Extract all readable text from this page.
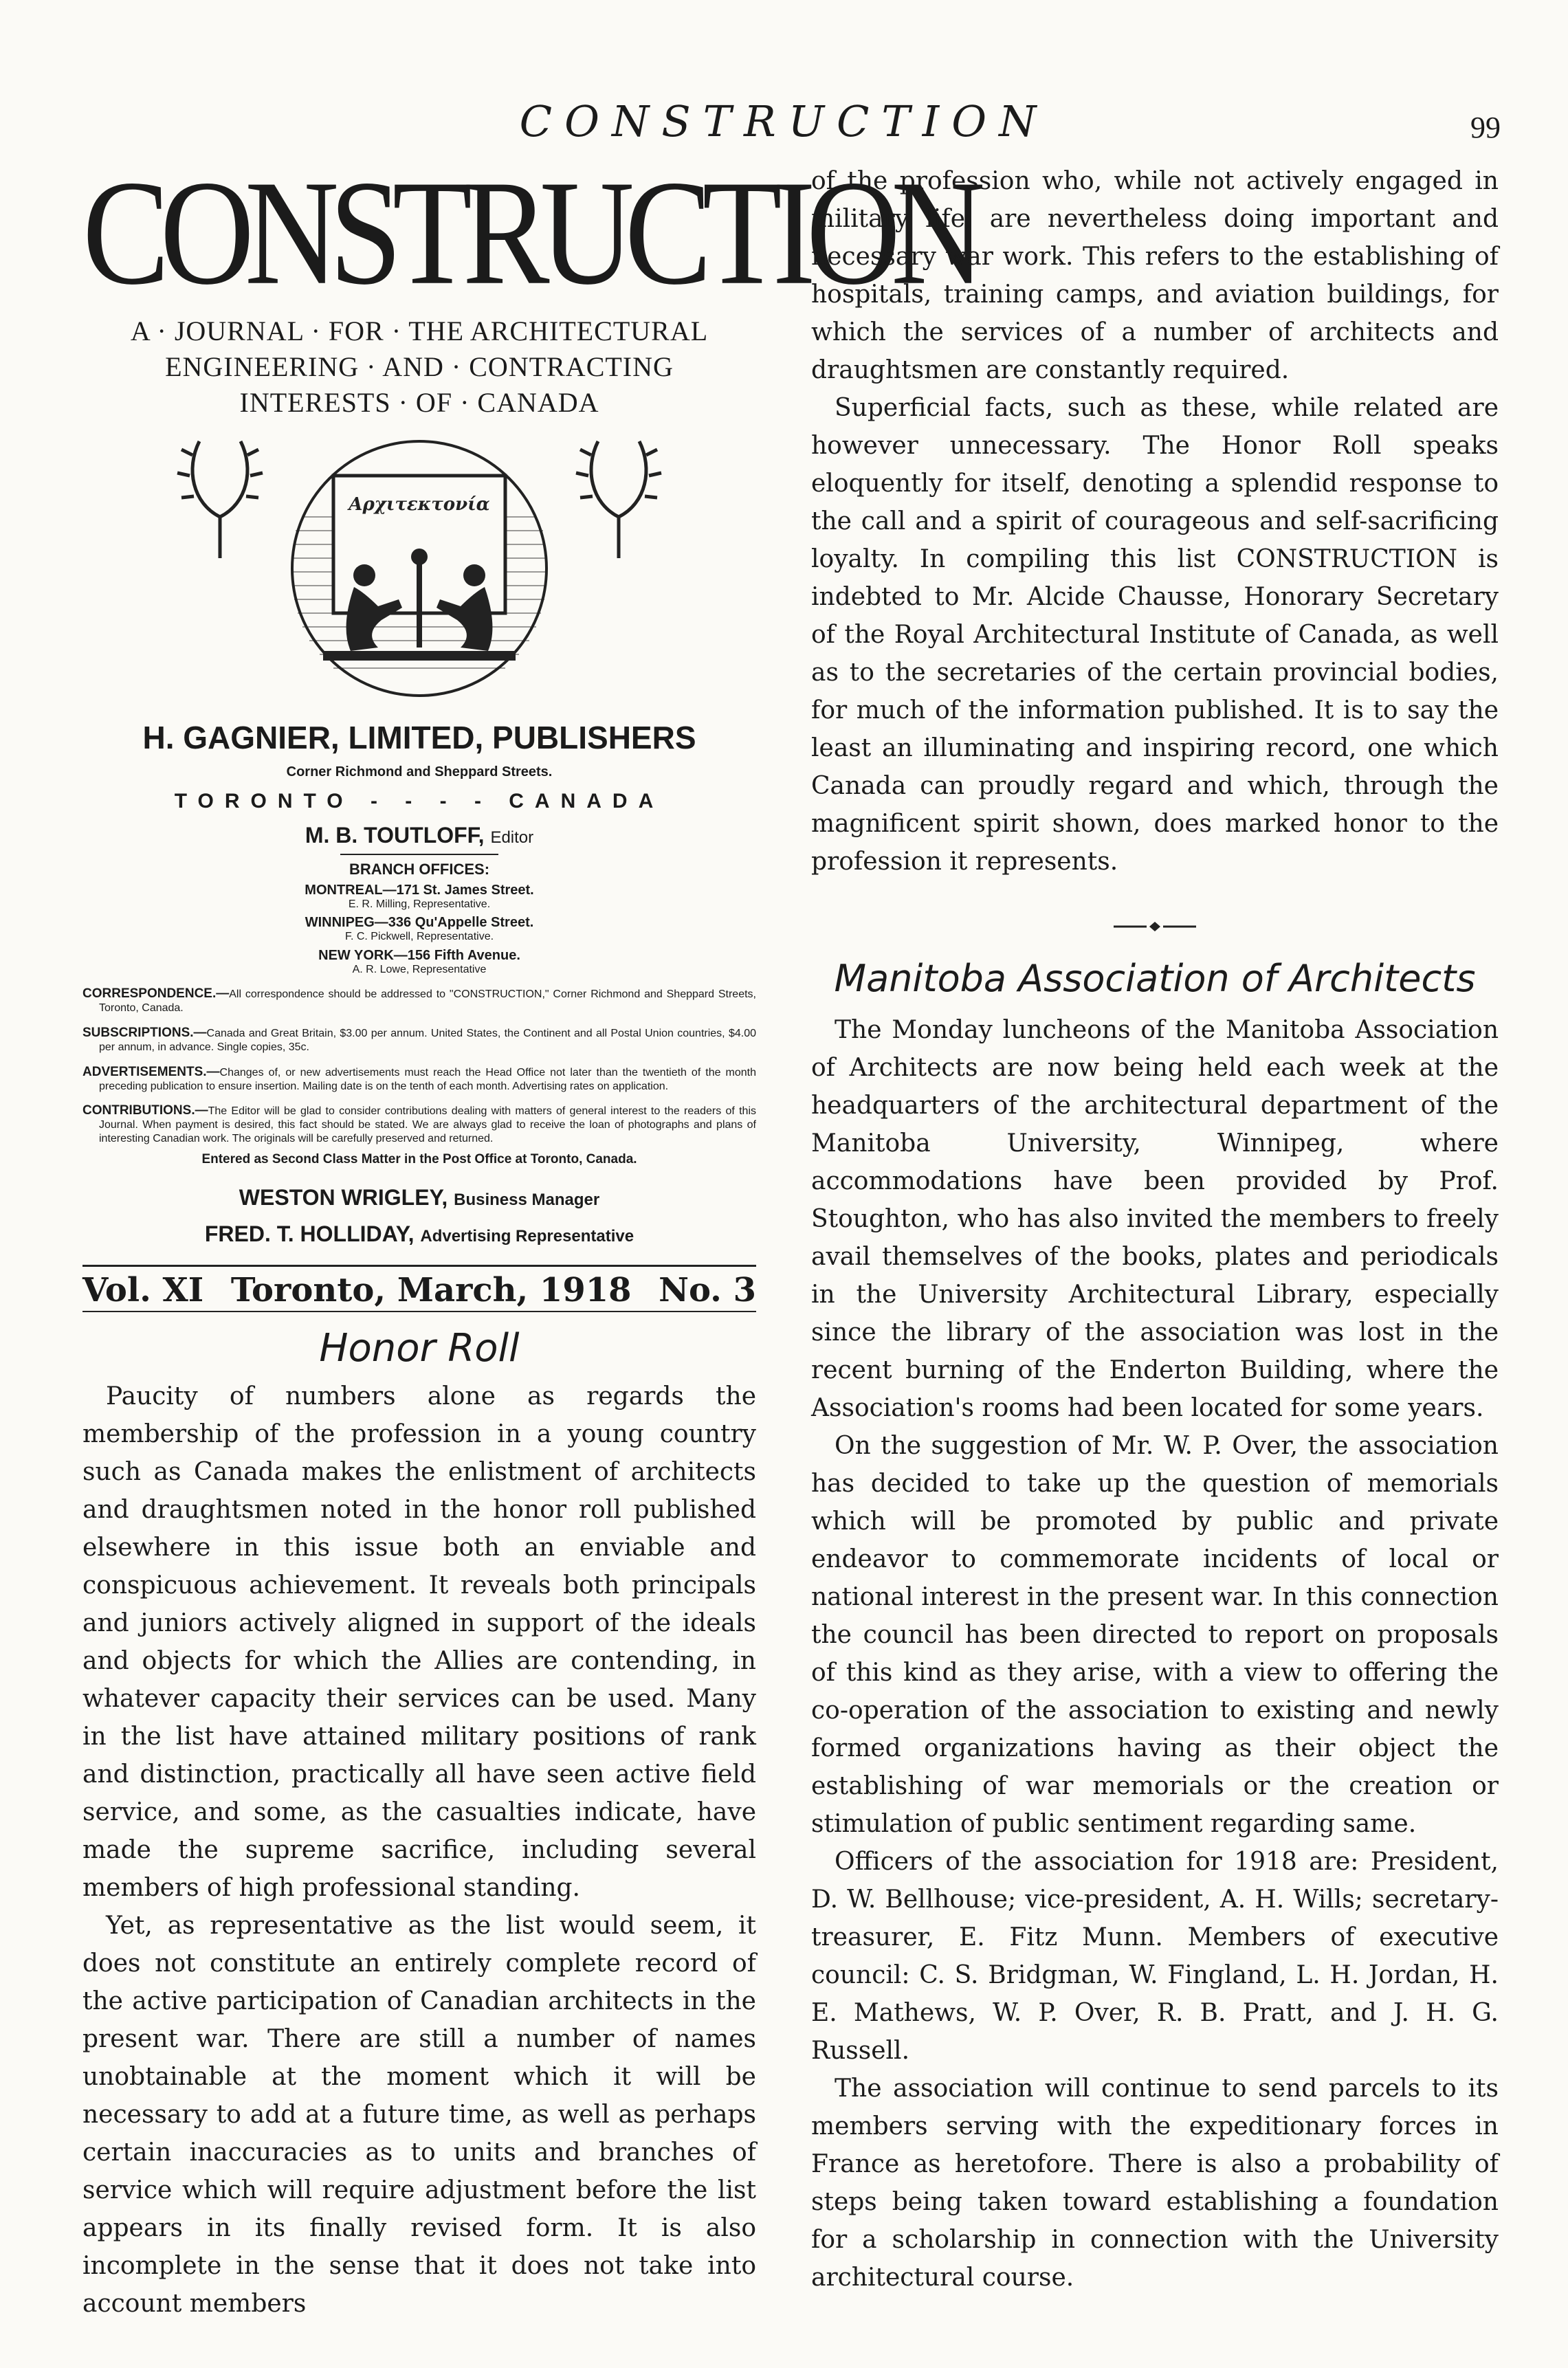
CONSTRUCTION	99
CONSTRUCTION
A · JOURNAL · FOR · THE ARCHITECTURAL
ENGINEERING · AND · CONTRACTING
INTERESTS · OF · CANADA
Αρχιτεκτονία
H. GAGNIER, LIMITED, PUBLISHERS
Corner Richmond and Sheppard Streets.
TORONTO - - - - CANADA
M. B. TOUTLOFF, Editor
BRANCH OFFICES:
MONTREAL—171 St. James Street.
E. R. Milling, Representative.
WINNIPEG—336 Qu'Appelle Street.
F. C. Pickwell, Representative.
NEW YORK—156 Fifth Avenue.
A. R. Lowe, Representative
CORRESPONDENCE.—All correspondence should be addressed to "CONSTRUCTION," Corner Richmond and Sheppard Streets, Toronto, Canada.
SUBSCRIPTIONS.—Canada and Great Britain, $3.00 per annum. United States, the Continent and all Postal Union countries, $4.00 per annum, in advance. Single copies, 35c.
ADVERTISEMENTS.—Changes of, or new advertisements must reach the Head Office not later than the twentieth of the month preceding publication to ensure insertion. Mailing date is on the tenth of each month. Advertising rates on application.
CONTRIBUTIONS.—The Editor will be glad to consider contributions dealing with matters of general interest to the readers of this Journal. When payment is desired, this fact should be stated. We are always glad to receive the loan of photographs and plans of interesting Canadian work. The originals will be carefully preserved and returned.
Entered as Second Class Matter in the Post Office at Toronto, Canada.
WESTON WRIGLEY, Business Manager
FRED. T. HOLLIDAY, Advertising Representative
Vol. XI Toronto, March, 1918 No. 3
Honor Roll

Paucity of numbers alone as regards the membership of the profession in a young country such as Canada makes the enlistment of architects and draughtsmen noted in the honor roll published elsewhere in this issue both an enviable and conspicuous achievement. It reveals both principals and juniors actively aligned in support of the ideals and objects for which the Allies are contending, in whatever capacity their services can be used. Many in the list have attained military positions of rank and distinction, practically all have seen active field service, and some, as the casualties indicate, have made the supreme sacrifice, including several members of high professional standing.

Yet, as representative as the list would seem, it does not constitute an entirely complete record of the active participation of Canadian architects in the present war. There are still a number of names unobtainable at the moment which it will be necessary to add at a future time, as well as perhaps certain inaccuracies as to units and branches of service which will require adjustment before the list appears in its finally revised form. It is also incomplete in the sense that it does not take into account members

of the profession who, while not actively engaged in military life, are nevertheless doing important and necessary war work. This refers to the establishing of hospitals, training camps, and aviation buildings, for which the services of a number of architects and draughtsmen are constantly required.

Superficial facts, such as these, while related are however unnecessary. The Honor Roll speaks eloquently for itself, denoting a splendid response to the call and a spirit of courageous and self-sacrificing loyalty. In compiling this list CONSTRUCTION is indebted to Mr. Alcide Chausse, Honorary Secretary of the Royal Architectural Institute of Canada, as well as to the secretaries of the certain provincial bodies, for much of the information published. It is to say the least an illuminating and inspiring record, one which Canada can proudly regard and which, through the magnificent spirit shown, does marked honor to the profession it represents.

Manitoba Association of Architects

The Monday luncheons of the Manitoba Association of Architects are now being held each week at the headquarters of the architectural department of the Manitoba University, Winnipeg, where accommodations have been provided by Prof. Stoughton, who has also invited the members to freely avail themselves of the books, plates and periodicals in the University Architectural Library, especially since the library of the association was lost in the recent burning of the Enderton Building, where the Association's rooms had been located for some years.

On the suggestion of Mr. W. P. Over, the association has decided to take up the question of memorials which will be promoted by public and private endeavor to commemorate incidents of local or national interest in the present war. In this connection the council has been directed to report on proposals of this kind as they arise, with a view to offering the co-operation of the association to existing and newly formed organizations having as their object the establishing of war memorials or the creation or stimulation of public sentiment regarding same.

Officers of the association for 1918 are: President, D. W. Bellhouse; vice-president, A. H. Wills; secretary-treasurer, E. Fitz Munn. Members of executive council: C. S. Bridgman, W. Fingland, L. H. Jordan, H. E. Mathews, W. P. Over, R. B. Pratt, and J. H. G. Russell.

The association will continue to send parcels to its members serving with the expeditionary forces in France as heretofore. There is also a probability of steps being taken toward establishing a foundation for a scholarship in connection with the University architectural course.
